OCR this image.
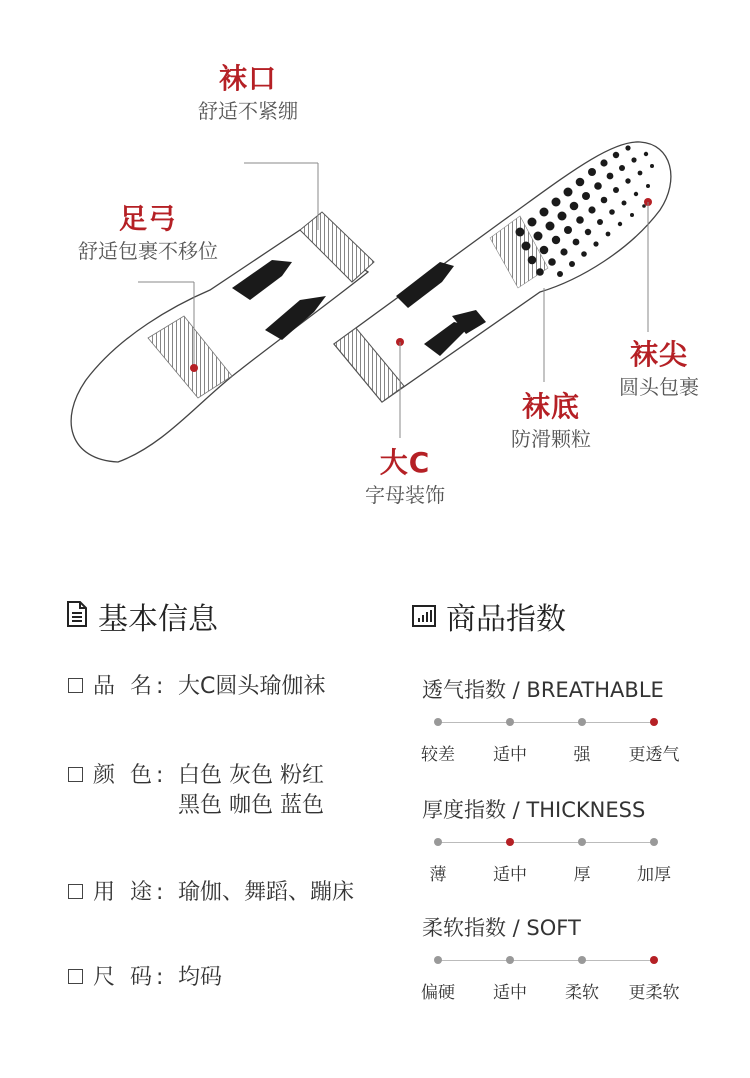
袜口
舒适不紧绷
足弓
舒适包裹不移位
袜尖
圆头包裹
袜底
防滑颗粒
大C
字母装饰
基本信息
品 名: 大C圆头瑜伽袜
颜 色: 白色 灰色 粉红
黑色 咖色 蓝色
用 途: 瑜伽、舞蹈、蹦床
尺 码: 均码
商品指数
透气指数 / BREATHABLE
较差 适中	强 更透气
厚度指数 / THICKNESS
薄	适中	厚	加厚
柔软指数 / SOFT
偏硬 适中 柔软 更柔软
